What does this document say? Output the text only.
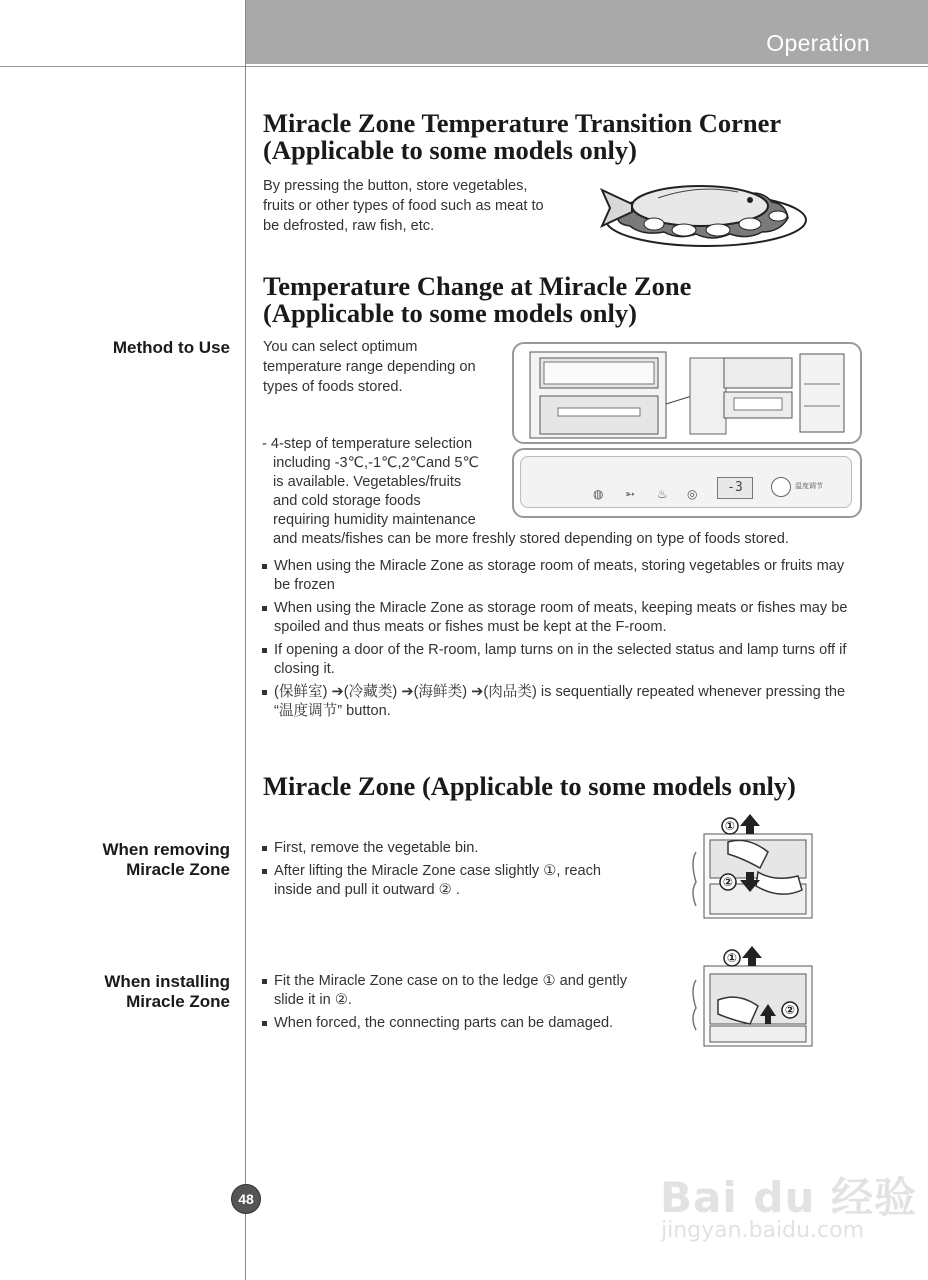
Operation
Miracle Zone Temperature Transition Corner
(Applicable to some models only)
By pressing the button, store vegetables,
fruits or other types of food such as meat to
be defrosted, raw fish, etc.
Temperature Change at Miracle Zone
(Applicable to some models only)
Method to Use You can select optimum
temperature range depending on
types of foods stored.
- 4-step of temperature selection
including -3℃,-1℃,2℃and 5℃
is available. Vegetables/fruits
and cold storage foods
requiring humidity maintenance
and meats/fishes can be more freshly stored depending on type of foods stored.
◍ ➳ ♨ ◎	-3	温度调节
When using the Miracle Zone as storage room of meats, storing vegetables or fruits may be frozen
When using the Miracle Zone as storage room of meats, keeping meats or fishes may be spoiled and thus meats or fishes must be kept at the F-room.
If opening a door of the R-room, lamp turns on in the selected status and lamp turns off if closing it.
(保鲜室) ➔(冷藏类) ➔(海鲜类) ➔(肉品类) is sequentially repeated whenever pressing the “温度调节” button.
Miracle Zone (Applicable to some models only)
When removing
Miracle Zone
First, remove the vegetable bin.
After lifting the Miracle Zone case slightly ①, reach inside and pull it outward ② .
①
②
When installing
Miracle Zone
Fit the Miracle Zone case on to the ledge ① and gently slide it in ②.
When forced, the connecting parts can be damaged.
①
②
48	Bai du 经验
jingyan.baidu.com
